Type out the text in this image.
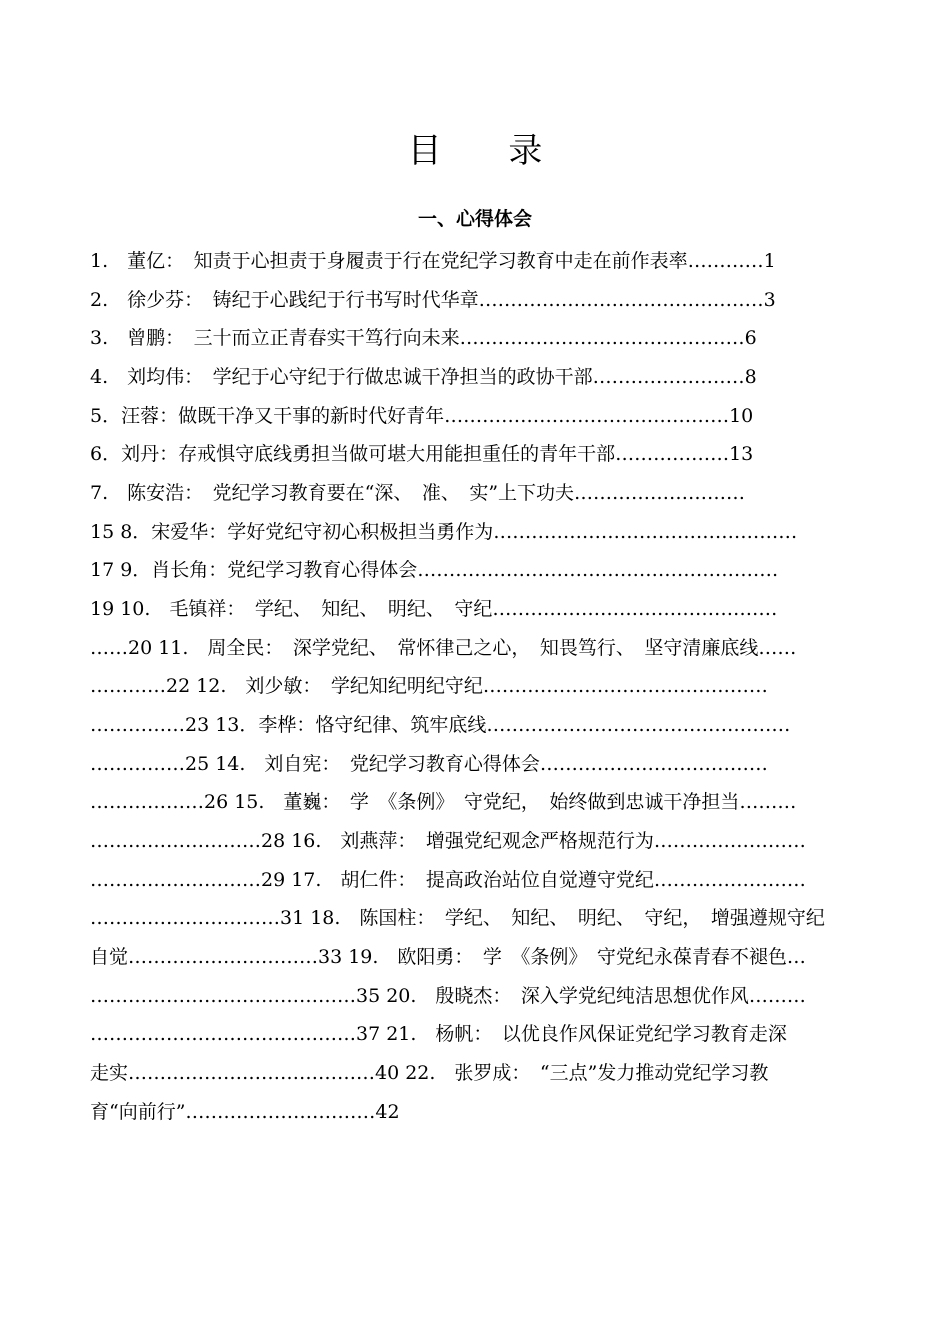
目 录
一、心得体会
1.　董亿：　知责于心担责于身履责于行在党纪学习教育中走在前作表率…………1
2.　徐少芬：　铸纪于心践纪于行书写时代华章………………………………………3
3.　曾鹏：　三十而立正青春实干笃行向未来………………………………………6
4.　刘均伟：　学纪于心守纪于行做忠诚干净担当的政协干部……………………8
5．汪蓉：做既干净又干事的新时代好青年………………………………………10
6．刘丹：存戒惧守底线勇担当做可堪大用能担重任的青年干部………………13
7.　陈安浩：　党纪学习教育要在“深、　准、　实”上下功夫………………………
15 8．宋爱华：学好党纪守初心积极担当勇作为…………………………………………
17 9．肖长角：党纪学习教育心得体会…………………………………………………
19 10.　毛镇祥：　学纪、　知纪、　明纪、　守纪………………………………………
……20 11.　周全民：　深学党纪、　常怀律己之心，　知畏笃行、　坚守清廉底线……
…………22 12.　刘少敏：　学纪知纪明纪守纪………………………………………
……………23 13．李桦：恪守纪律、筑牢底线…………………………………………
……………25 14.　刘自宪：　党纪学习教育心得体会………………………………
………………26 15.　董巍：　学　《条例》　守党纪，　始终做到忠诚干净担当………
………………………28 16.　刘燕萍：　增强党纪观念严格规范行为……………………
………………………29 17.　胡仁件：　提高政治站位自觉遵守党纪……………………
…………………………31 18.　陈国柱：　学纪、　知纪、　明纪、　守纪，　增强遵规守纪
自觉…………………………33 19.　欧阳勇：　学　《条例》　守党纪永葆青春不褪色…
……………………………………35 20.　殷晓杰：　深入学党纪纯洁思想优作风………
……………………………………37 21.　杨帆：　以优良作风保证党纪学习教育走深
走实…………………………………40 22.　张罗成：　“三点”发力推动党纪学习教
育“向前行”…………………………42
